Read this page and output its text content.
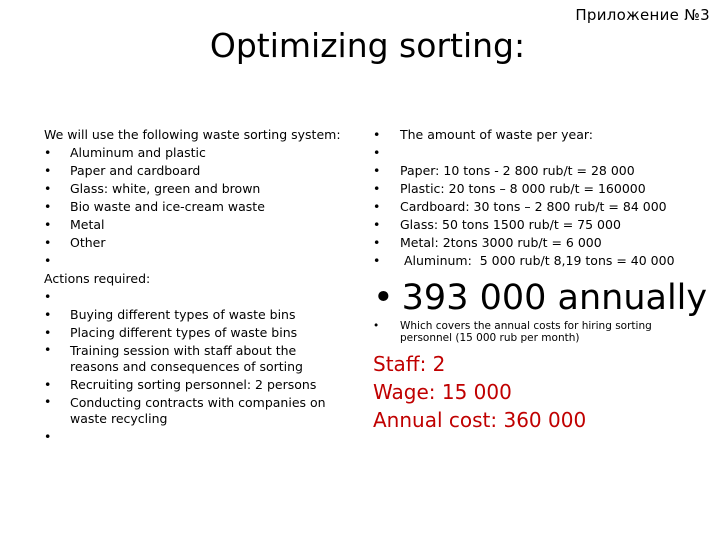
Приложение №3
Optimizing sorting:
We will use the following waste sorting system:
• Aluminum and plastic
• Paper and cardboard
• Glass: white, green and brown
• Bio waste and ice-cream waste
• Metal
• Other
•

Actions required:
•

• Buying different types of waste bins
• Placing different types of waste bins
• Training session with staff about the reasons and consequences of sorting
• Recruiting sorting personnel: 2 persons
• Conducting contracts with companies on waste recycling
•

• The amount of waste per year:
•
• Paper: 10 tons - 2 800 rub/t = 28 000
• Plastic: 20 tons – 8 000 rub/t = 160000
• Cardboard: 30 tons – 2 800 rub/t = 84 000
• Glass: 50 tons 1500 rub/t = 75 000
• Metal: 2tons 3000 rub/t = 6 000
• Aluminum:  5 000 rub/t 8,19 tons = 40 000
• 393 000 annually
• Which covers the annual costs for hiring sorting personnel (15 000 rub per month)
Staff: 2
Wage: 15 000
Annual cost: 360 000
